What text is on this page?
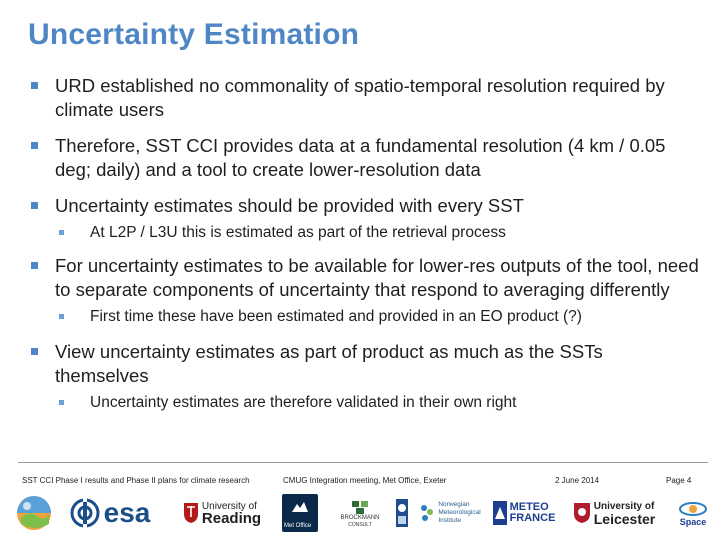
Uncertainty Estimation
URD established no commonality of spatio-temporal resolution required by climate users
Therefore, SST CCI provides data at a fundamental resolution (4 km / 0.05 deg; daily) and a tool to create lower-resolution data
Uncertainty estimates should be provided with every SST
At L2P / L3U this is estimated as part of the retrieval process
For uncertainty estimates to be available for lower-res outputs of the tool, need to separate components of uncertainty that respond to averaging differently
First time these have been estimated and provided in an EO product (?)
View uncertainty estimates as part of product as much as the SSTs themselves
Uncertainty estimates are therefore validated in their own right
SST CCI Phase I results and Phase II plans for climate research	CMUG Integration meeting, Met Office, Exeter	2 June 2014	Page 4
esa	University of
Reading	Met Office
BROCKMANN
CONSULT
Norwegian
Meteorological
Institute
METEO
FRANCE
University of
Leicester	Space
